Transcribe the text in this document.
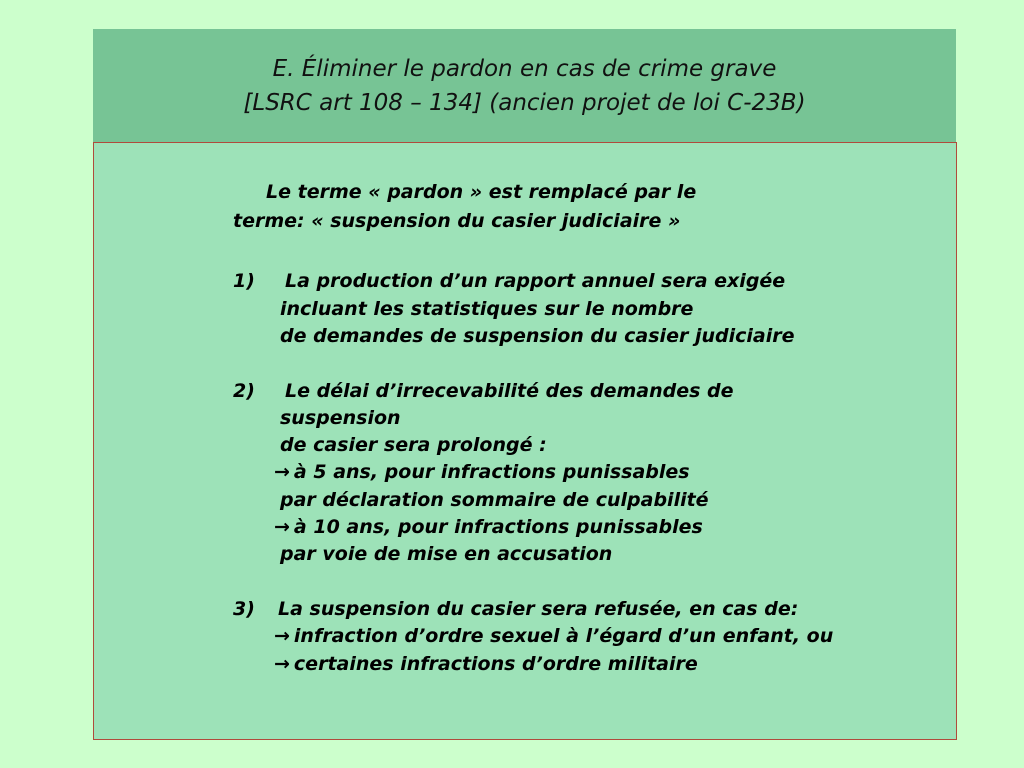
E. Éliminer le pardon en cas de crime grave
[LSRC art 108 – 134] (ancien projet de loi C-23B)
Le terme « pardon » est remplacé par le
terme: « suspension du casier judiciaire »
1) La production d’un rapport annuel sera exigée
incluant les statistiques sur le nombre
de demandes de suspension du casier judiciaire
2) Le délai d’irrecevabilité des demandes de
suspension
de casier sera prolongé :
→ à 5 ans, pour infractions punissables
par déclaration sommaire de culpabilité
→ à 10 ans, pour infractions punissables
par voie de mise en accusation
3) La suspension du casier sera refusée, en cas de:
→ infraction d’ordre sexuel à l’égard d’un enfant, ou
→ certaines infractions d’ordre militaire
